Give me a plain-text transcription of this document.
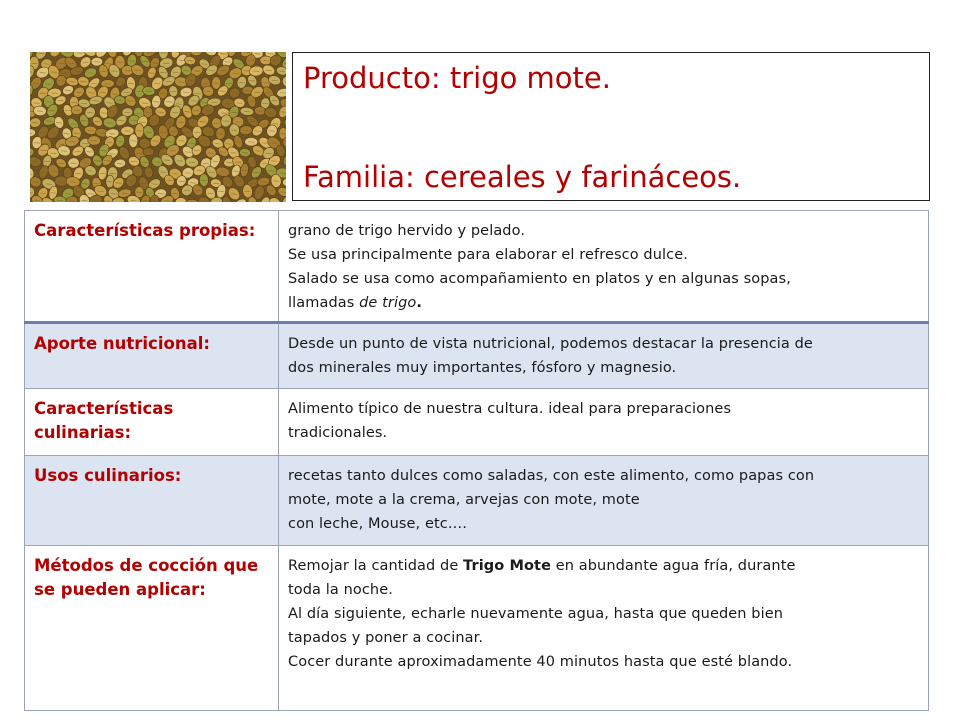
Producto: trigo mote.
Familia: cereales y farináceos.
Características propias:	grano de trigo hervido y pelado.
Se usa principalmente para elaborar el refresco dulce.
Salado se usa como acompañamiento en platos y en algunas sopas,
llamadas de trigo.

Aporte nutricional:	Desde un punto de vista nutricional, podemos destacar la presencia de
dos minerales muy importantes, fósforo y magnesio.

Características culinarias:	Alimento típico de nuestra cultura. ideal para preparaciones
tradicionales.

Usos culinarios:	recetas tanto dulces como saladas, con este alimento, como papas con
mote, mote a la crema, arvejas con mote, mote
con leche, Mouse, etc.…

Métodos de cocción que se pueden aplicar:	Remojar la cantidad de Trigo Mote en abundante agua fría, durante
toda la noche.
Al día siguiente, echarle nuevamente agua, hasta que queden bien
tapados y poner a cocinar.
Cocer durante aproximadamente 40 minutos hasta que esté blando.
